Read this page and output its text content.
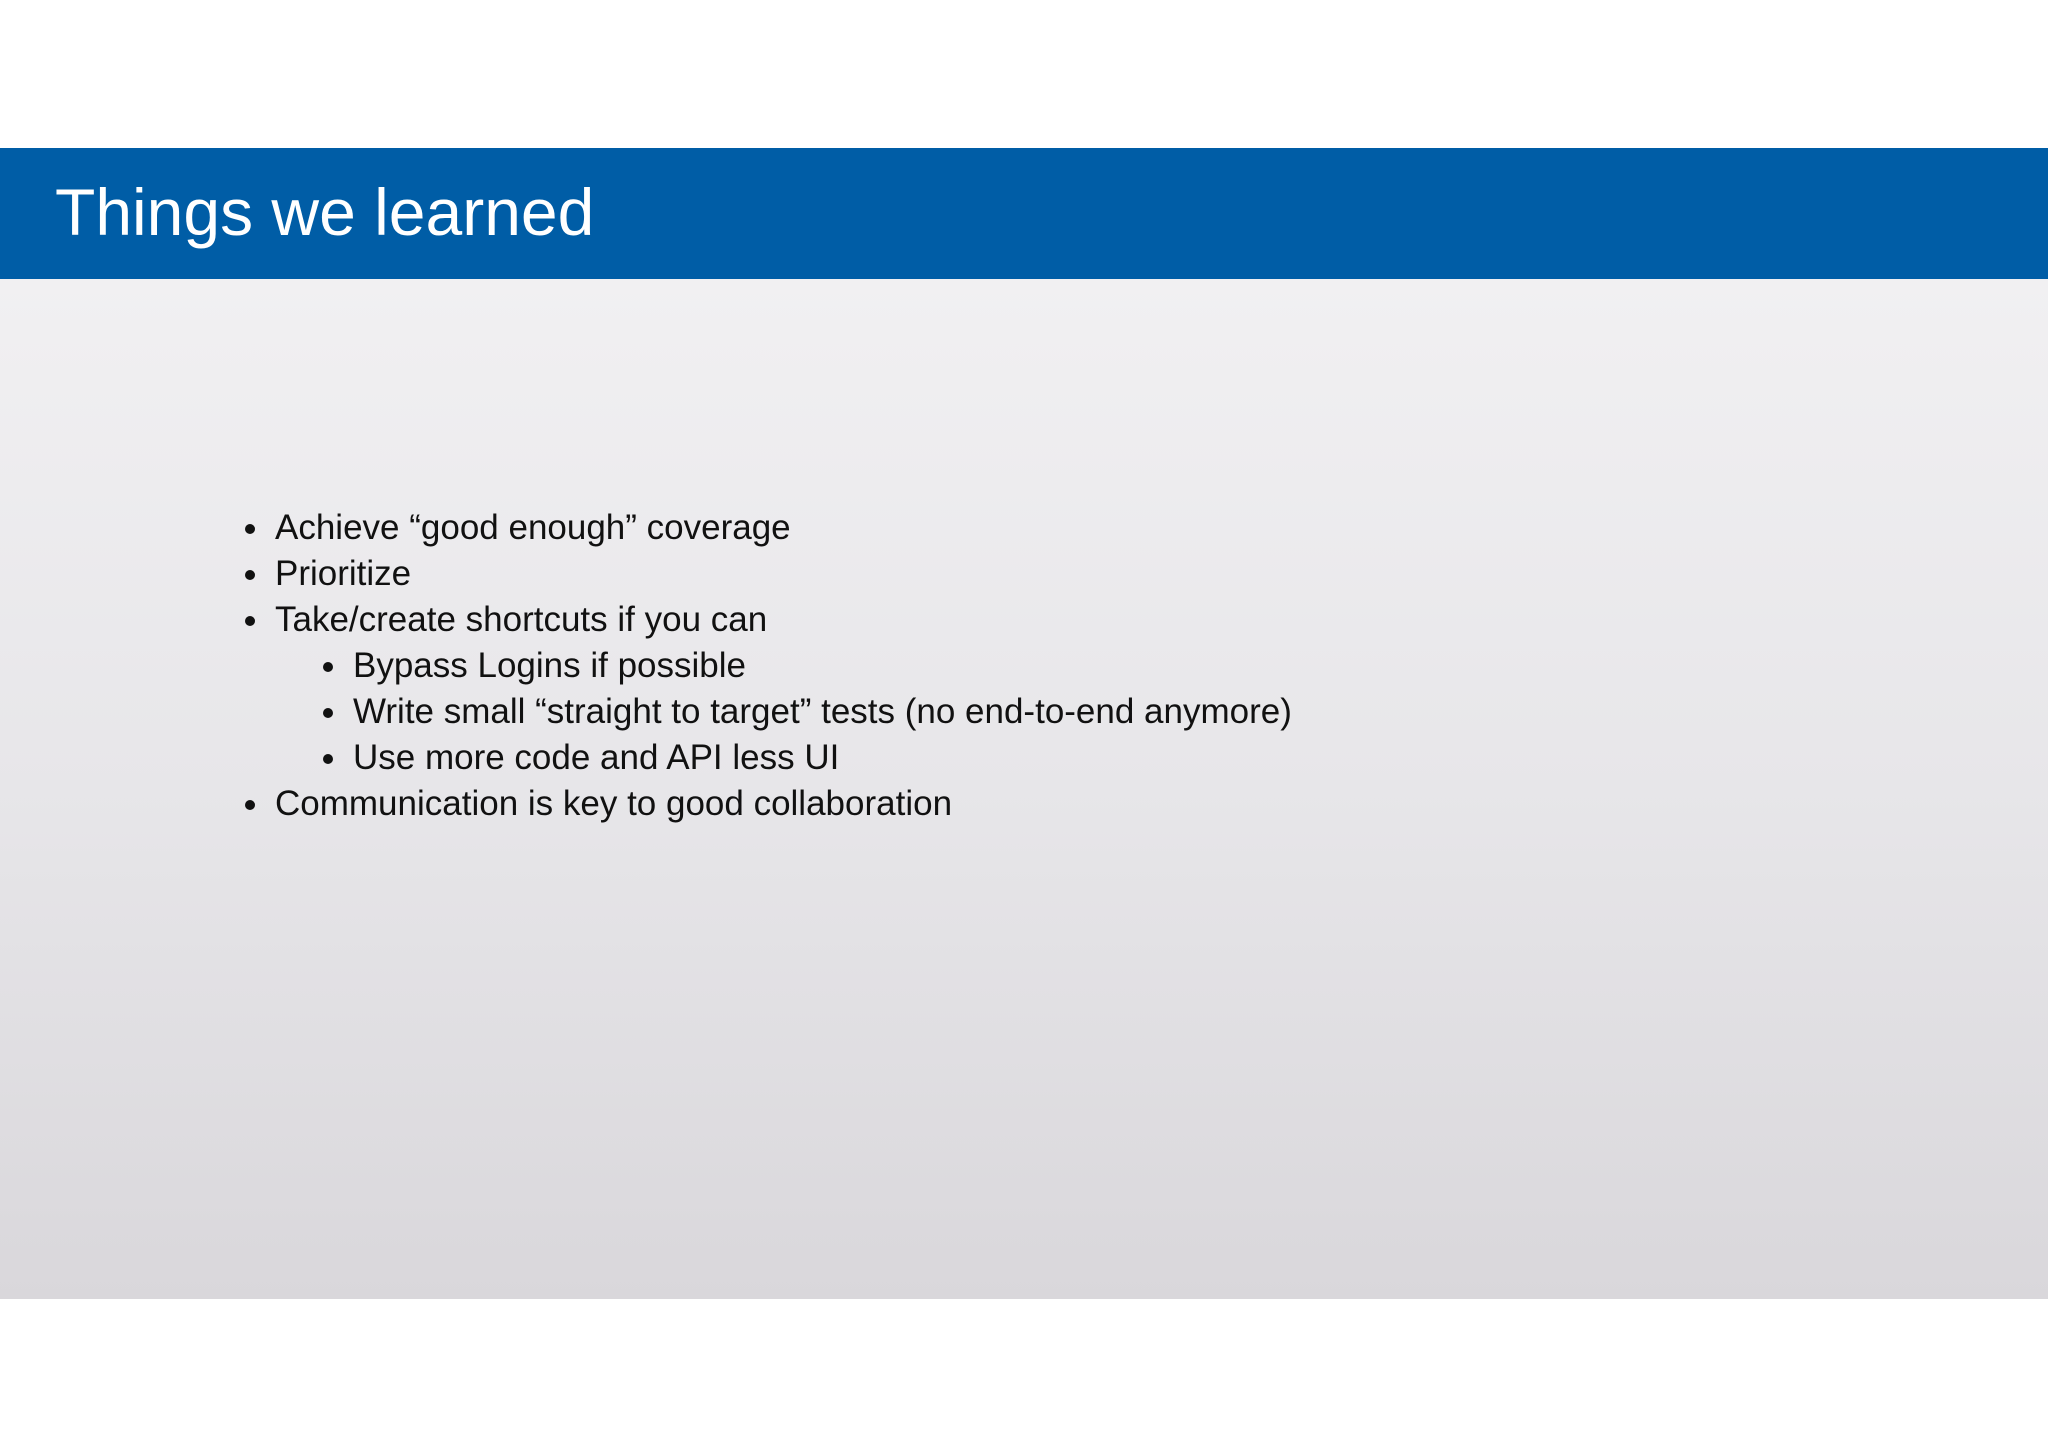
Things we learned
Achieve “good enough” coverage
Prioritize
Take/create shortcuts if you can
Bypass Logins if possible
Write small “straight to target” tests (no end-to-end anymore)
Use more code and API less UI
Communication is key to good collaboration
